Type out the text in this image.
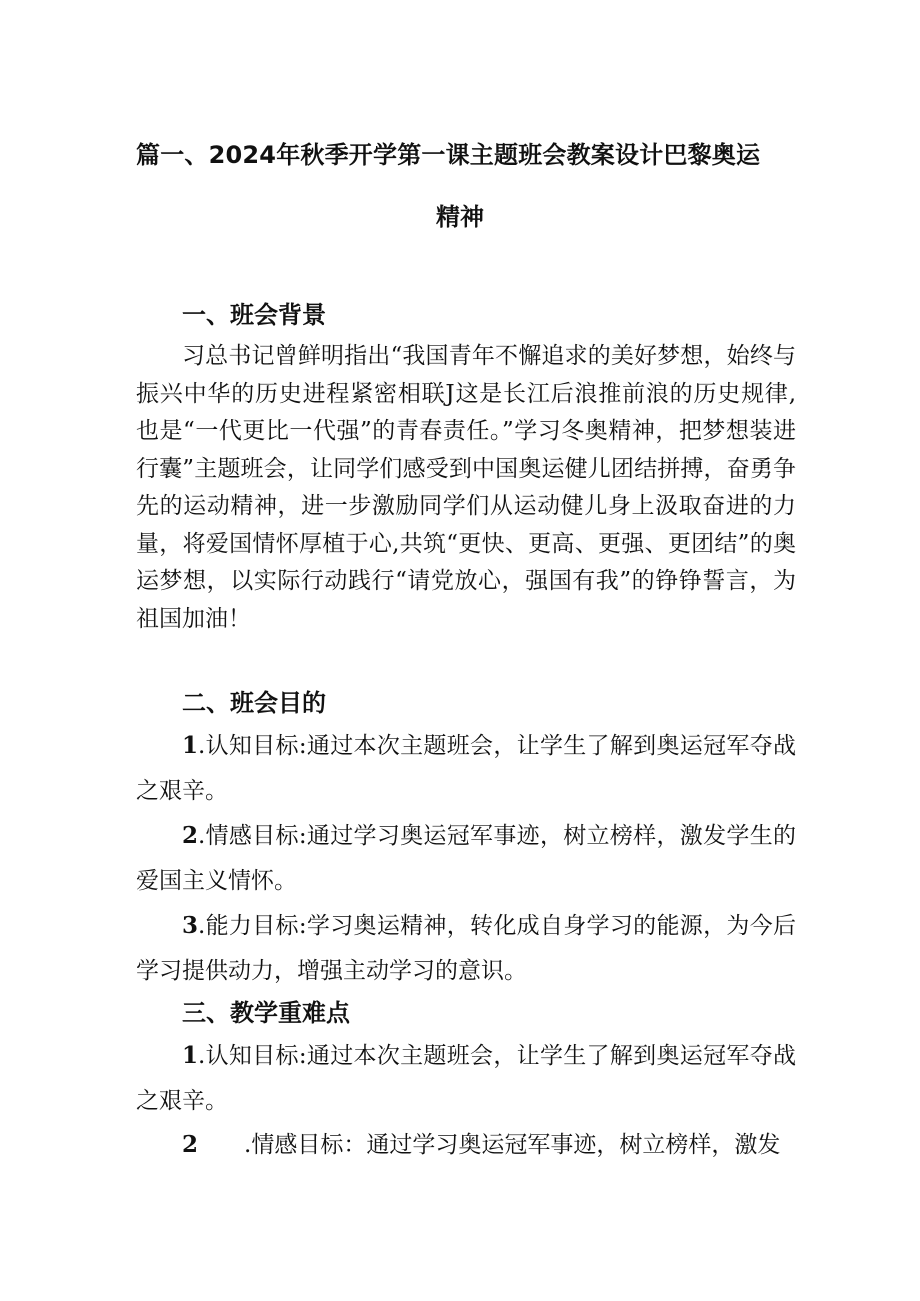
篇一、2024年秋季开学第一课主题班会教案设计巴黎奥运
精神
一、班会背景
习总书记曾鲜明指出“我国青年不懈追求的美好梦想，始终与振兴中华的历史进程紧密相联J这是长江后浪推前浪的历史规律,也是“一代更比一代强”的青春责任。”学习冬奥精神，把梦想装进行囊”主题班会，让同学们感受到中国奥运健儿团结拼搏，奋勇争先的运动精神，进一步激励同学们从运动健儿身上汲取奋进的力量，将爱国情怀厚植于心,共筑“更快、更高、更强、更团结”的奥运梦想，以实际行动践行“请党放心，强国有我”的铮铮誓言，为祖国加油！
二、班会目的
1.认知目标:通过本次主题班会，让学生了解到奥运冠军夺战之艰辛。
2.情感目标:通过学习奥运冠军事迹，树立榜样，激发学生的爱国主义情怀。
3.能力目标:学习奥运精神，转化成自身学习的能源，为今后学习提供动力，增强主动学习的意识。
三、教学重难点
1.认知目标:通过本次主题班会，让学生了解到奥运冠军夺战之艰辛。
2　　.情感目标：通过学习奥运冠军事迹，树立榜样，激发
